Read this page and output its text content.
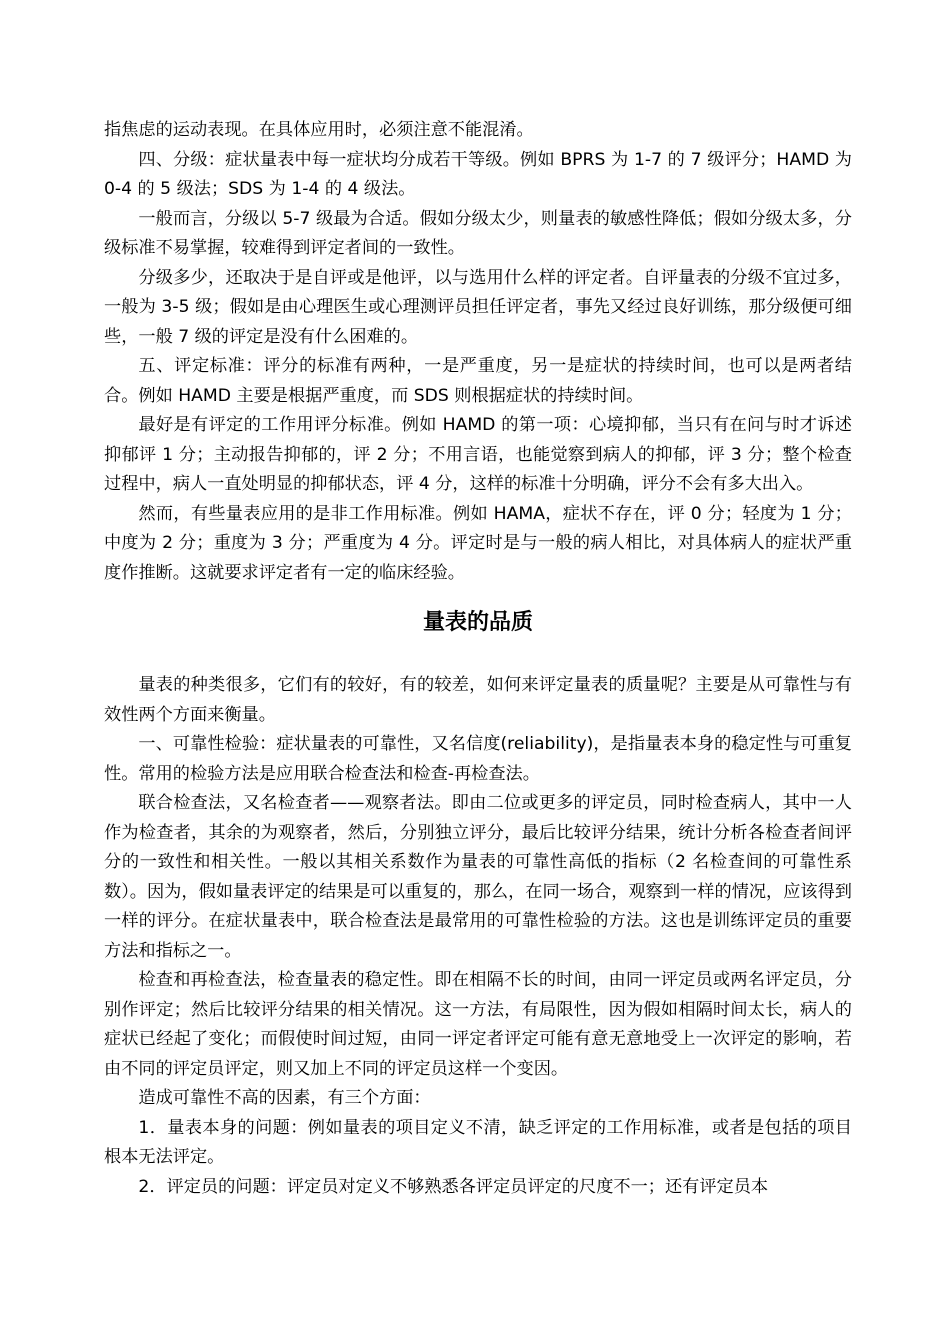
指焦虑的运动表现。在具体应用时，必须注意不能混淆。

四、分级：症状量表中每一症状均分成若干等级。例如 BPRS 为 1-7 的 7 级评分；HAMD 为 0-4 的 5 级法；SDS 为 1-4 的 4 级法。

一般而言，分级以 5-7 级最为合适。假如分级太少，则量表的敏感性降低；假如分级太多，分级标准不易掌握，较难得到评定者间的一致性。

分级多少，还取决于是自评或是他评，以与选用什么样的评定者。自评量表的分级不宜过多，一般为 3-5 级；假如是由心理医生或心理测评员担任评定者，事先又经过良好训练，那分级便可细些，一般 7 级的评定是没有什么困难的。

五、评定标准：评分的标准有两种，一是严重度，另一是症状的持续时间，也可以是两者结合。例如 HAMD 主要是根据严重度，而 SDS 则根据症状的持续时间。

最好是有评定的工作用评分标准。例如 HAMD 的第一项：心境抑郁，当只有在问与时才诉述抑郁评 1 分；主动报告抑郁的，评 2 分；不用言语，也能觉察到病人的抑郁，评 3 分；整个检查过程中，病人一直处明显的抑郁状态，评 4 分，这样的标准十分明确，评分不会有多大出入。

然而，有些量表应用的是非工作用标准。例如 HAMA，症状不存在，评 0 分；轻度为 1 分；中度为 2 分；重度为 3 分；严重度为 4 分。评定时是与一般的病人相比，对具体病人的症状严重度作推断。这就要求评定者有一定的临床经验。

量表的品质

量表的种类很多，它们有的较好，有的较差，如何来评定量表的质量呢？主要是从可靠性与有效性两个方面来衡量。

一、可靠性检验：症状量表的可靠性，又名信度(reliability)，是指量表本身的稳定性与可重复性。常用的检验方法是应用联合检查法和检查-再检查法。

联合检查法，又名检查者——观察者法。即由二位或更多的评定员，同时检查病人，其中一人作为检查者，其余的为观察者，然后，分别独立评分，最后比较评分结果，统计分析各检查者间评分的一致性和相关性。一般以其相关系数作为量表的可靠性高低的指标（2 名检查间的可靠性系数）。因为，假如量表评定的结果是可以重复的，那么，在同一场合，观察到一样的情况，应该得到一样的评分。在症状量表中，联合检查法是最常用的可靠性检验的方法。这也是训练评定员的重要方法和指标之一。

检查和再检查法，检查量表的稳定性。即在相隔不长的时间，由同一评定员或两名评定员，分别作评定；然后比较评分结果的相关情况。这一方法，有局限性，因为假如相隔时间太长，病人的症状已经起了变化；而假使时间过短，由同一评定者评定可能有意无意地受上一次评定的影响，若由不同的评定员评定，则又加上不同的评定员这样一个变因。

造成可靠性不高的因素，有三个方面：

1．量表本身的问题：例如量表的项目定义不清，缺乏评定的工作用标准，或者是包括的项目根本无法评定。

2．评定员的问题：评定员对定义不够熟悉各评定员评定的尺度不一；还有评定员本
